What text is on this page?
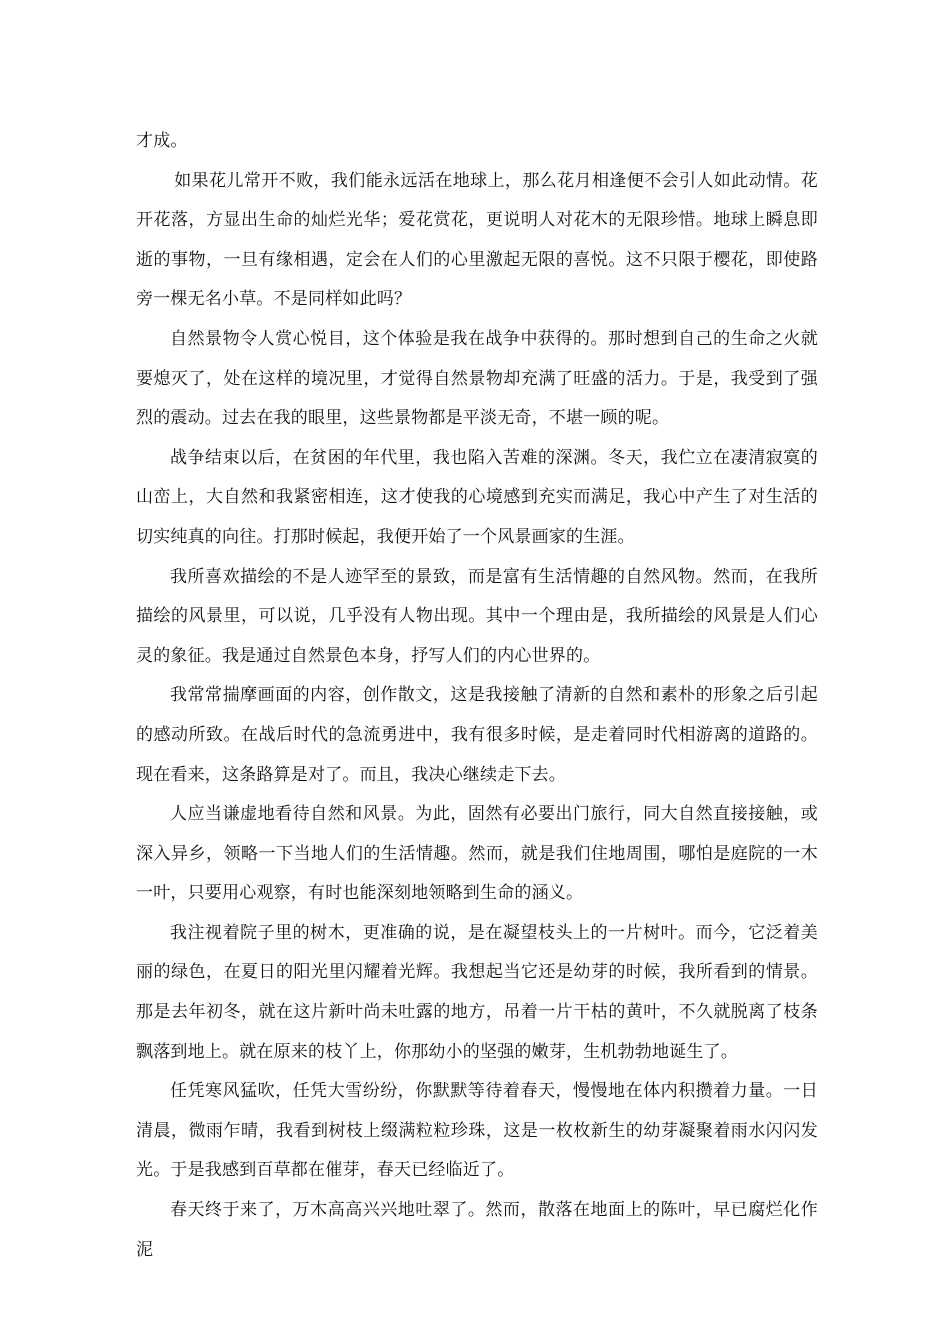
才成。

如果花儿常开不败，我们能永远活在地球上，那么花月相逢便不会引人如此动情。花开花落，方显出生命的灿烂光华；爱花赏花，更说明人对花木的无限珍惜。地球上瞬息即逝的事物，一旦有缘相遇，定会在人们的心里激起无限的喜悦。这不只限于樱花，即使路旁一棵无名小草。不是同样如此吗？

自然景物令人赏心悦目，这个体验是我在战争中获得的。那时想到自己的生命之火就要熄灭了，处在这样的境况里，才觉得自然景物却充满了旺盛的活力。于是，我受到了强烈的震动。过去在我的眼里，这些景物都是平淡无奇，不堪一顾的呢。

战争结束以后，在贫困的年代里，我也陷入苦难的深渊。冬天，我伫立在凄清寂寞的山峦上，大自然和我紧密相连，这才使我的心境感到充实而满足，我心中产生了对生活的切实纯真的向往。打那时候起，我便开始了一个风景画家的生涯。

我所喜欢描绘的不是人迹罕至的景致，而是富有生活情趣的自然风物。然而，在我所描绘的风景里，可以说，几乎没有人物出现。其中一个理由是，我所描绘的风景是人们心灵的象征。我是通过自然景色本身，抒写人们的内心世界的。

我常常揣摩画面的内容，创作散文，这是我接触了清新的自然和素朴的形象之后引起的感动所致。在战后时代的急流勇进中，我有很多时候，是走着同时代相游离的道路的。现在看来，这条路算是对了。而且，我决心继续走下去。

人应当谦虚地看待自然和风景。为此，固然有必要出门旅行，同大自然直接接触，或深入异乡，领略一下当地人们的生活情趣。然而，就是我们住地周围，哪怕是庭院的一木一叶，只要用心观察，有时也能深刻地领略到生命的涵义。

我注视着院子里的树木，更准确的说，是在凝望枝头上的一片树叶。而今，它泛着美丽的绿色，在夏日的阳光里闪耀着光辉。我想起当它还是幼芽的时候，我所看到的情景。那是去年初冬，就在这片新叶尚未吐露的地方，吊着一片干枯的黄叶，不久就脱离了枝条飘落到地上。就在原来的枝丫上，你那幼小的坚强的嫩芽，生机勃勃地诞生了。

任凭寒风猛吹，任凭大雪纷纷，你默默等待着春天，慢慢地在体内积攒着力量。一日清晨，微雨乍晴，我看到树枝上缀满粒粒珍珠，这是一枚枚新生的幼芽凝聚着雨水闪闪发光。于是我感到百草都在催芽，春天已经临近了。

春天终于来了，万木高高兴兴地吐翠了。然而，散落在地面上的陈叶，早已腐烂化作泥
